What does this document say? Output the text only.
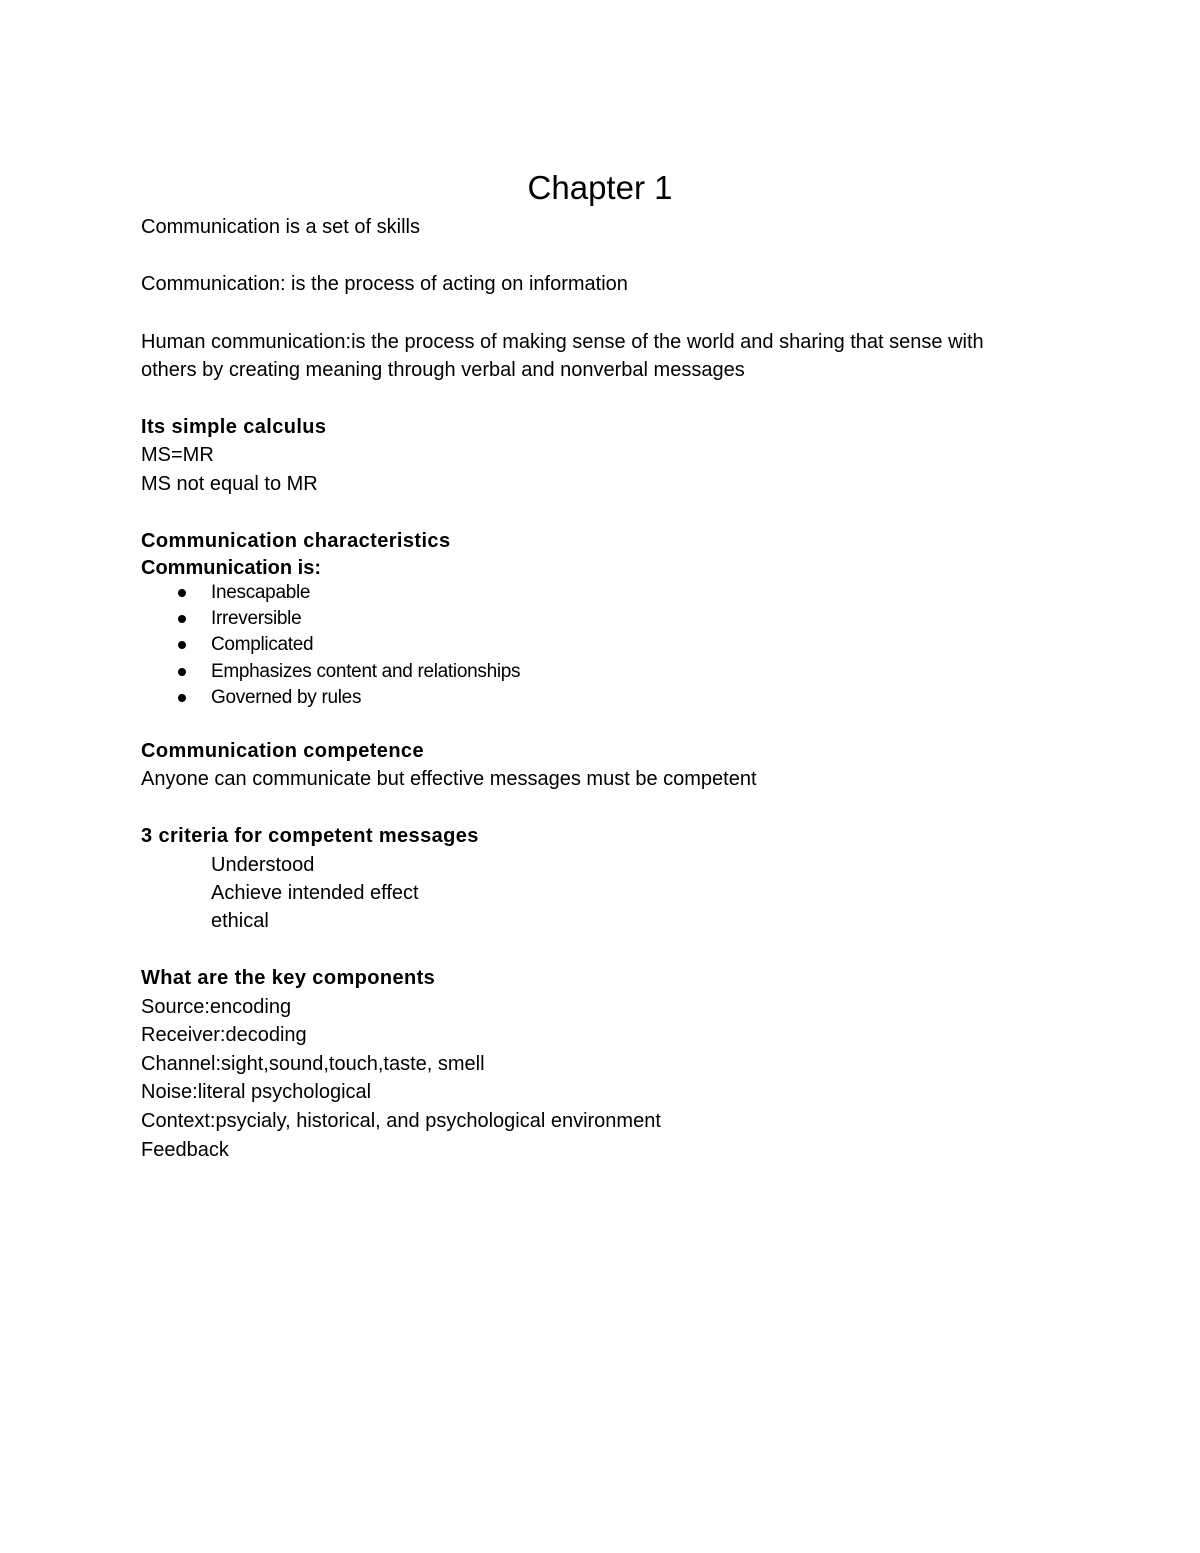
Chapter 1
Communication is a set of skills
Communication: is the process of acting on information
Human communication:is the process of making sense of the world and sharing that sense with
others by creating meaning through verbal and nonverbal messages
Its simple calculus
MS=MR
MS not equal to MR
Communication characteristics
Communication is:
Inescapable
Irreversible
Complicated
Emphasizes content and relationships
Governed by rules
Communication competence
Anyone can communicate but effective messages must be competent
3 criteria for competent messages
Understood
Achieve intended effect
ethical
What are the key components
Source:encoding
Receiver:decoding
Channel:sight,sound,touch,taste, smell
Noise:literal psychological
Context:psycialy, historical, and psychological environment
Feedback
